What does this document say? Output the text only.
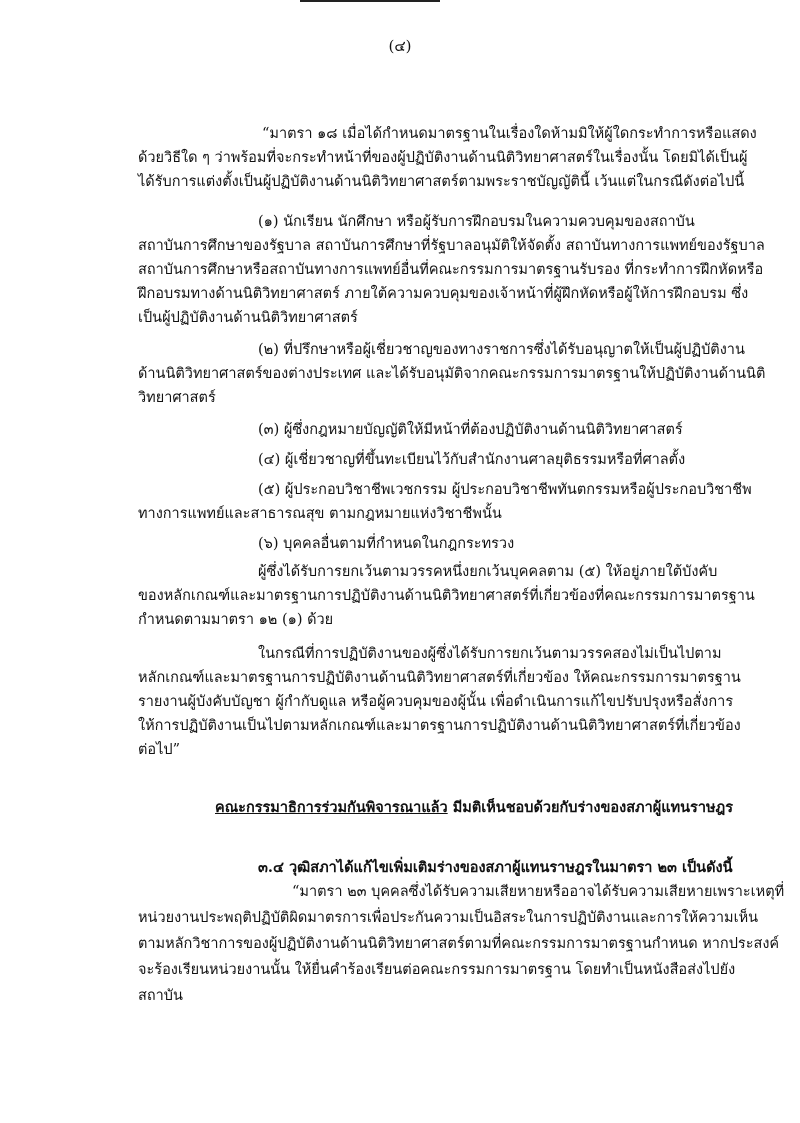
(๔)

“มาตรา ๑๘ เมื่อได้กำหนดมาตรฐานในเรื่องใดห้ามมิให้ผู้ใดกระทำการหรือแสดง

ด้วยวิธีใด ๆ ว่าพร้อมที่จะกระทำหน้าที่ของผู้ปฏิบัติงานด้านนิติวิทยาศาสตร์ในเรื่องนั้น โดยมิได้เป็นผู้

ได้รับการแต่งตั้งเป็นผู้ปฏิบัติงานด้านนิติวิทยาศาสตร์ตามพระราชบัญญัตินี้ เว้นแต่ในกรณีดังต่อไปนี้

(๑) นักเรียน นักศึกษา หรือผู้รับการฝึกอบรมในความควบคุมของสถาบัน

สถาบันการศึกษาของรัฐบาล สถาบันการศึกษาที่รัฐบาลอนุมัติให้จัดตั้ง สถาบันทางการแพทย์ของรัฐบาล

สถาบันการศึกษาหรือสถาบันทางการแพทย์อื่นที่คณะกรรมการมาตรฐานรับรอง ที่กระทำการฝึกหัดหรือ

ฝึกอบรมทางด้านนิติวิทยาศาสตร์ ภายใต้ความควบคุมของเจ้าหน้าที่ผู้ฝึกหัดหรือผู้ให้การฝึกอบรม ซึ่ง

เป็นผู้ปฏิบัติงานด้านนิติวิทยาศาสตร์

(๒) ที่ปรึกษาหรือผู้เชี่ยวชาญของทางราชการซึ่งได้รับอนุญาตให้เป็นผู้ปฏิบัติงาน

ด้านนิติวิทยาศาสตร์ของต่างประเทศ และได้รับอนุมัติจากคณะกรรมการมาตรฐานให้ปฏิบัติงานด้านนิติ

วิทยาศาสตร์

(๓) ผู้ซึ่งกฎหมายบัญญัติให้มีหน้าที่ต้องปฏิบัติงานด้านนิติวิทยาศาสตร์

(๔) ผู้เชี่ยวชาญที่ขึ้นทะเบียนไว้กับสำนักงานศาลยุติธรรมหรือที่ศาลตั้ง

(๕) ผู้ประกอบวิชาชีพเวชกรรม ผู้ประกอบวิชาชีพทันตกรรมหรือผู้ประกอบวิชาชีพ

ทางการแพทย์และสาธารณสุข ตามกฎหมายแห่งวิชาชีพนั้น

(๖) บุคคลอื่นตามที่กำหนดในกฎกระทรวง

ผู้ซึ่งได้รับการยกเว้นตามวรรคหนึ่งยกเว้นบุคคลตาม (๕) ให้อยู่ภายใต้บังคับ

ของหลักเกณฑ์และมาตรฐานการปฏิบัติงานด้านนิติวิทยาศาสตร์ที่เกี่ยวข้องที่คณะกรรมการมาตรฐาน

กำหนดตามมาตรา ๑๒ (๑) ด้วย

ในกรณีที่การปฏิบัติงานของผู้ซึ่งได้รับการยกเว้นตามวรรคสองไม่เป็นไปตาม

หลักเกณฑ์และมาตรฐานการปฏิบัติงานด้านนิติวิทยาศาสตร์ที่เกี่ยวข้อง ให้คณะกรรมการมาตรฐาน

รายงานผู้บังคับบัญชา ผู้กำกับดูแล หรือผู้ควบคุมของผู้นั้น เพื่อดำเนินการแก้ไขปรับปรุงหรือสั่งการ

ให้การปฏิบัติงานเป็นไปตามหลักเกณฑ์และมาตรฐานการปฏิบัติงานด้านนิติวิทยาศาสตร์ที่เกี่ยวข้อง

ต่อไป”

คณะกรรมาธิการร่วมกันพิจารณาแล้ว มีมติเห็นชอบด้วยกับร่างของสภาผู้แทนราษฎร

๓.๔ วุฒิสภาได้แก้ไขเพิ่มเติมร่างของสภาผู้แทนราษฎรในมาตรา ๒๓ เป็นดังนี้

“มาตรา ๒๓ บุคคลซึ่งได้รับความเสียหายหรืออาจได้รับความเสียหายเพราะเหตุที่

หน่วยงานประพฤติปฏิบัติผิดมาตรการเพื่อประกันความเป็นอิสระในการปฏิบัติงานและการให้ความเห็น

ตามหลักวิชาการของผู้ปฏิบัติงานด้านนิติวิทยาศาสตร์ตามที่คณะกรรมการมาตรฐานกำหนด หากประสงค์

จะร้องเรียนหน่วยงานนั้น ให้ยื่นคำร้องเรียนต่อคณะกรรมการมาตรฐาน โดยทำเป็นหนังสือส่งไปยัง

สถาบัน
